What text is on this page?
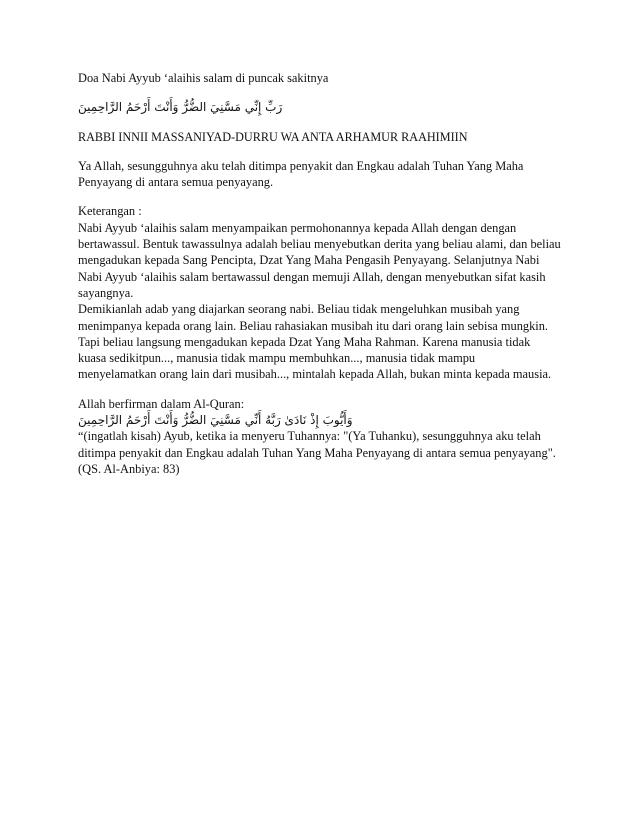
Doa Nabi Ayyub ‘alaihis salam di puncak sakitnya
رَبِّ إِنِّي مَسَّنِيَ الضُّرُّ وَأَنْتَ أَرْحَمُ الرَّاحِمِينَ
RABBI INNII MASSANIYAD-DURRU WA ANTA ARHAMUR RAAHIMIIN
Ya Allah, sesungguhnya aku telah ditimpa penyakit dan Engkau adalah Tuhan Yang Maha
Penyayang di antara semua penyayang.
Keterangan :
Nabi Ayyub ‘alaihis salam menyampaikan permohonannya kepada Allah dengan dengan
bertawassul. Bentuk tawassulnya adalah beliau menyebutkan derita yang beliau alami, dan beliau
mengadukan kepada Sang Pencipta, Dzat Yang Maha Pengasih Penyayang. Selanjutnya Nabi
Nabi Ayyub ‘alaihis salam bertawassul dengan memuji Allah, dengan menyebutkan sifat kasih
sayangnya.
Demikianlah adab yang diajarkan seorang nabi. Beliau tidak mengeluhkan musibah yang
menimpanya kepada orang lain. Beliau rahasiakan musibah itu dari orang lain sebisa mungkin.
Tapi beliau langsung mengadukan kepada Dzat Yang Maha Rahman. Karena manusia tidak
kuasa sedikitpun..., manusia tidak mampu membuhkan..., manusia tidak mampu
menyelamatkan orang lain dari musibah..., mintalah kepada Allah, bukan minta kepada mausia.
Allah berfirman dalam Al-Quran:
وَأَيُّوبَ إِذْ نَادَىٰ رَبَّهُ أَنِّي مَسَّنِيَ الضُّرُّ وَأَنْتَ أَرْحَمُ الرَّاحِمِينَ
“(ingatlah kisah) Ayub, ketika ia menyeru Tuhannya: "(Ya Tuhanku), sesungguhnya aku telah
ditimpa penyakit dan Engkau adalah Tuhan Yang Maha Penyayang di antara semua penyayang".
(QS. Al-Anbiya: 83)
